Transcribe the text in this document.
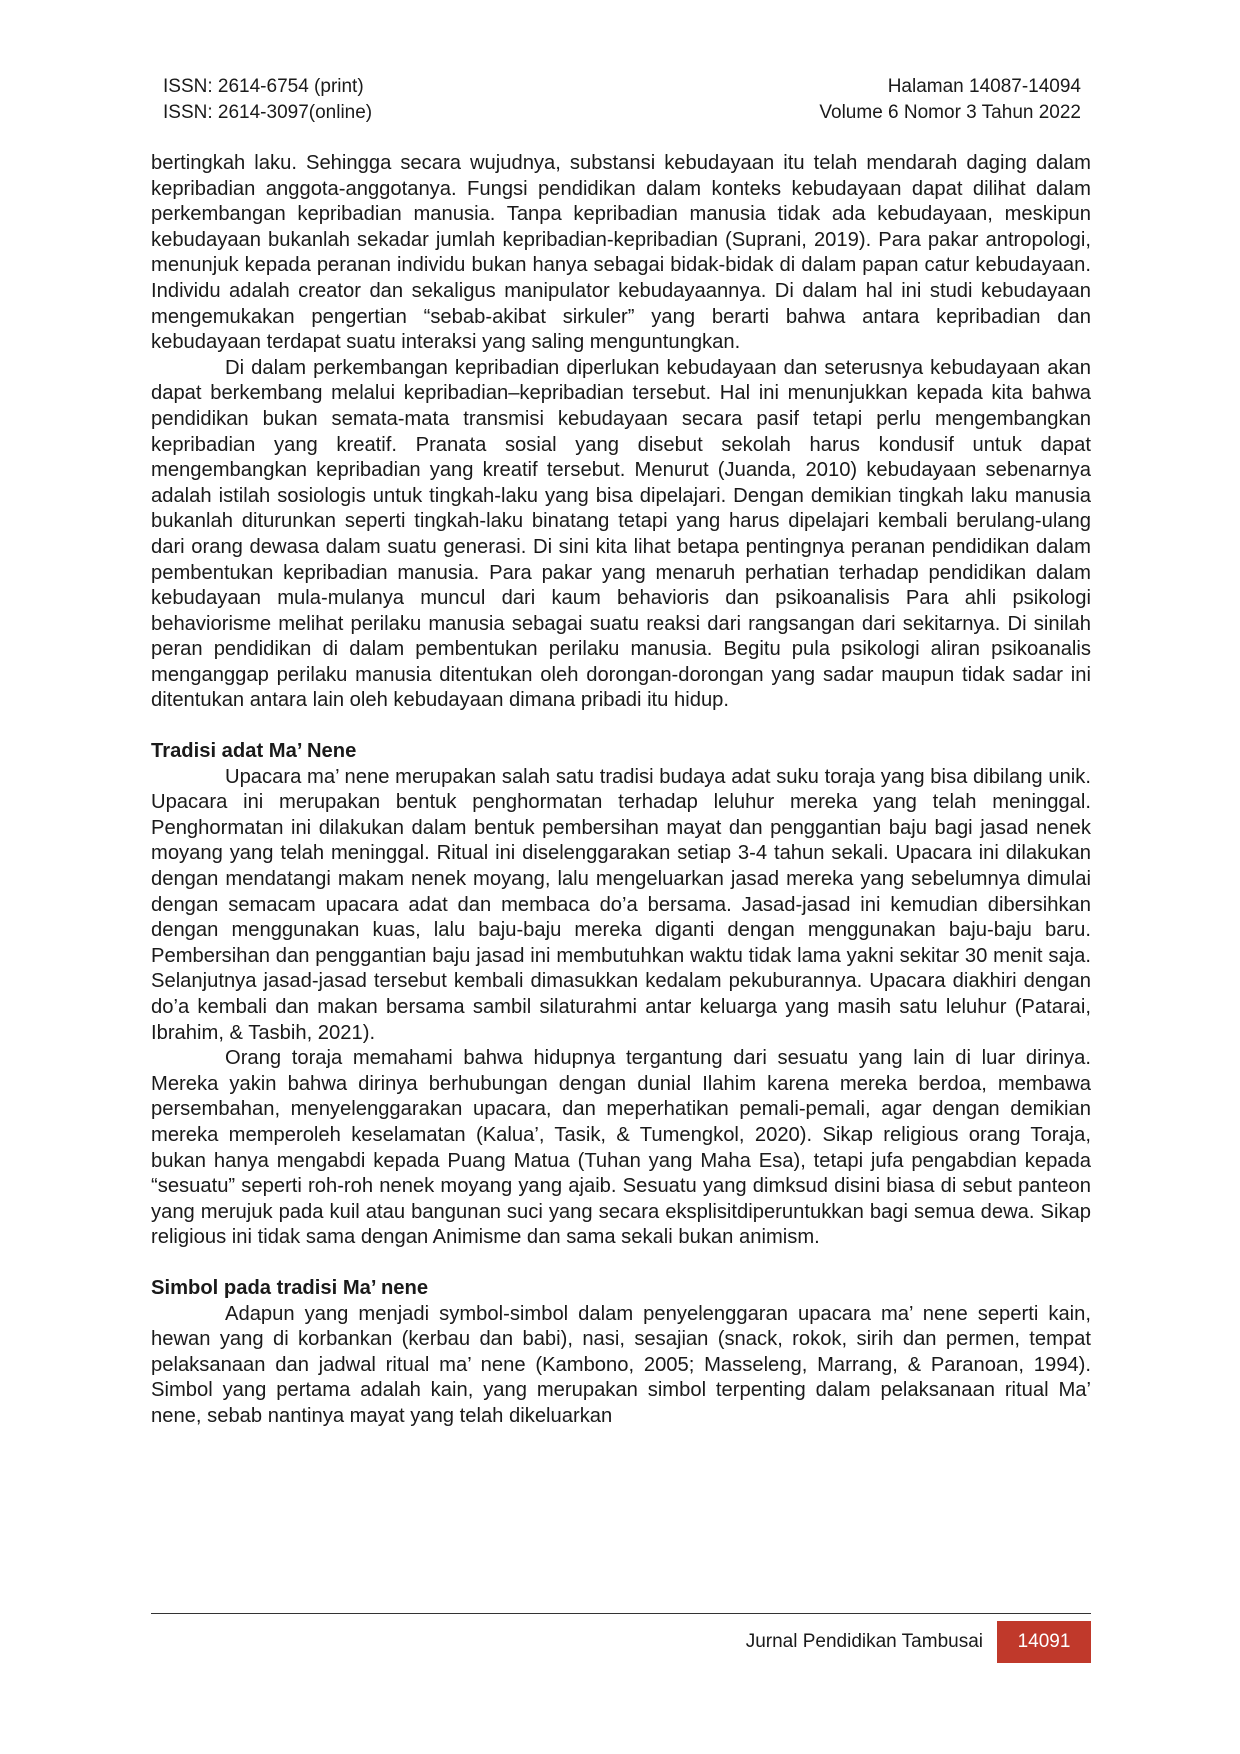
ISSN: 2614-6754 (print)	Halaman 14087-14094
ISSN: 2614-3097(online)	Volume 6 Nomor 3 Tahun 2022

bertingkah laku. Sehingga secara wujudnya, substansi kebudayaan itu telah mendarah daging dalam kepribadian anggota-anggotanya. Fungsi pendidikan dalam konteks kebudayaan dapat dilihat dalam perkembangan kepribadian manusia. Tanpa kepribadian manusia tidak ada kebudayaan, meskipun kebudayaan bukanlah sekadar jumlah kepribadian-kepribadian (Suprani, 2019). Para pakar antropologi, menunjuk kepada peranan individu bukan hanya sebagai bidak-bidak di dalam papan catur kebudayaan. Individu adalah creator dan sekaligus manipulator kebudayaannya. Di dalam hal ini studi kebudayaan mengemukakan pengertian “sebab-akibat sirkuler” yang berarti bahwa antara kepribadian dan kebudayaan terdapat suatu interaksi yang saling menguntungkan.

Di dalam perkembangan kepribadian diperlukan kebudayaan dan seterusnya kebudayaan akan dapat berkembang melalui kepribadian–kepribadian tersebut. Hal ini menunjukkan kepada kita bahwa pendidikan bukan semata-mata transmisi kebudayaan secara pasif tetapi perlu mengembangkan kepribadian yang kreatif. Pranata sosial yang disebut sekolah harus kondusif untuk dapat mengembangkan kepribadian yang kreatif tersebut. Menurut (Juanda, 2010) kebudayaan sebenarnya adalah istilah sosiologis untuk tingkah-laku yang bisa dipelajari. Dengan demikian tingkah laku manusia bukanlah diturunkan seperti tingkah-laku binatang tetapi yang harus dipelajari kembali berulang-ulang dari orang dewasa dalam suatu generasi. Di sini kita lihat betapa pentingnya peranan pendidikan dalam pembentukan kepribadian manusia. Para pakar yang menaruh perhatian terhadap pendidikan dalam kebudayaan mula-mulanya muncul dari kaum behavioris dan psikoanalisis Para ahli psikologi behaviorisme melihat perilaku manusia sebagai suatu reaksi dari rangsangan dari sekitarnya. Di sinilah peran pendidikan di dalam pembentukan perilaku manusia. Begitu pula psikologi aliran psikoanalis menganggap perilaku manusia ditentukan oleh dorongan-dorongan yang sadar maupun tidak sadar ini ditentukan antara lain oleh kebudayaan dimana pribadi itu hidup.

Tradisi adat Ma’ Nene

Upacara ma’ nene merupakan salah satu tradisi budaya adat suku toraja yang bisa dibilang unik. Upacara ini merupakan bentuk penghormatan terhadap leluhur mereka yang telah meninggal. Penghormatan ini dilakukan dalam bentuk pembersihan mayat dan penggantian baju bagi jasad nenek moyang yang telah meninggal. Ritual ini diselenggarakan setiap 3-4 tahun sekali. Upacara ini dilakukan dengan mendatangi makam nenek moyang, lalu mengeluarkan jasad mereka yang sebelumnya dimulai dengan semacam upacara adat dan membaca do’a bersama. Jasad-jasad ini kemudian dibersihkan dengan menggunakan kuas, lalu baju-baju mereka diganti dengan menggunakan baju-baju baru. Pembersihan dan penggantian baju jasad ini membutuhkan waktu tidak lama yakni sekitar 30 menit saja. Selanjutnya jasad-jasad tersebut kembali dimasukkan kedalam pekuburannya. Upacara diakhiri dengan do’a kembali dan makan bersama sambil silaturahmi antar keluarga yang masih satu leluhur (Patarai, Ibrahim, & Tasbih, 2021).

Orang toraja memahami bahwa hidupnya tergantung dari sesuatu yang lain di luar dirinya. Mereka yakin bahwa dirinya berhubungan dengan dunial Ilahim karena mereka berdoa, membawa persembahan, menyelenggarakan upacara, dan meperhatikan pemali-pemali, agar dengan demikian mereka memperoleh keselamatan (Kalua’, Tasik, & Tumengkol, 2020). Sikap religious orang Toraja, bukan hanya mengabdi kepada Puang Matua (Tuhan yang Maha Esa), tetapi jufa pengabdian kepada “sesuatu” seperti roh-roh nenek moyang yang ajaib. Sesuatu yang dimksud disini biasa di sebut panteon yang merujuk pada kuil atau bangunan suci yang secara eksplisitdiperuntukkan bagi semua dewa. Sikap religious ini tidak sama dengan Animisme dan sama sekali bukan animism.

Simbol pada tradisi Ma’ nene

Adapun yang menjadi symbol-simbol dalam penyelenggaran upacara ma’ nene seperti kain, hewan yang di korbankan (kerbau dan babi), nasi, sesajian (snack, rokok, sirih dan permen, tempat pelaksanaan dan jadwal ritual ma’ nene (Kambono, 2005; Masseleng, Marrang, & Paranoan, 1994). Simbol yang pertama adalah kain, yang merupakan simbol terpenting dalam pelaksanaan ritual Ma’ nene, sebab nantinya mayat yang telah dikeluarkan

Jurnal Pendidikan Tambusai	14091
